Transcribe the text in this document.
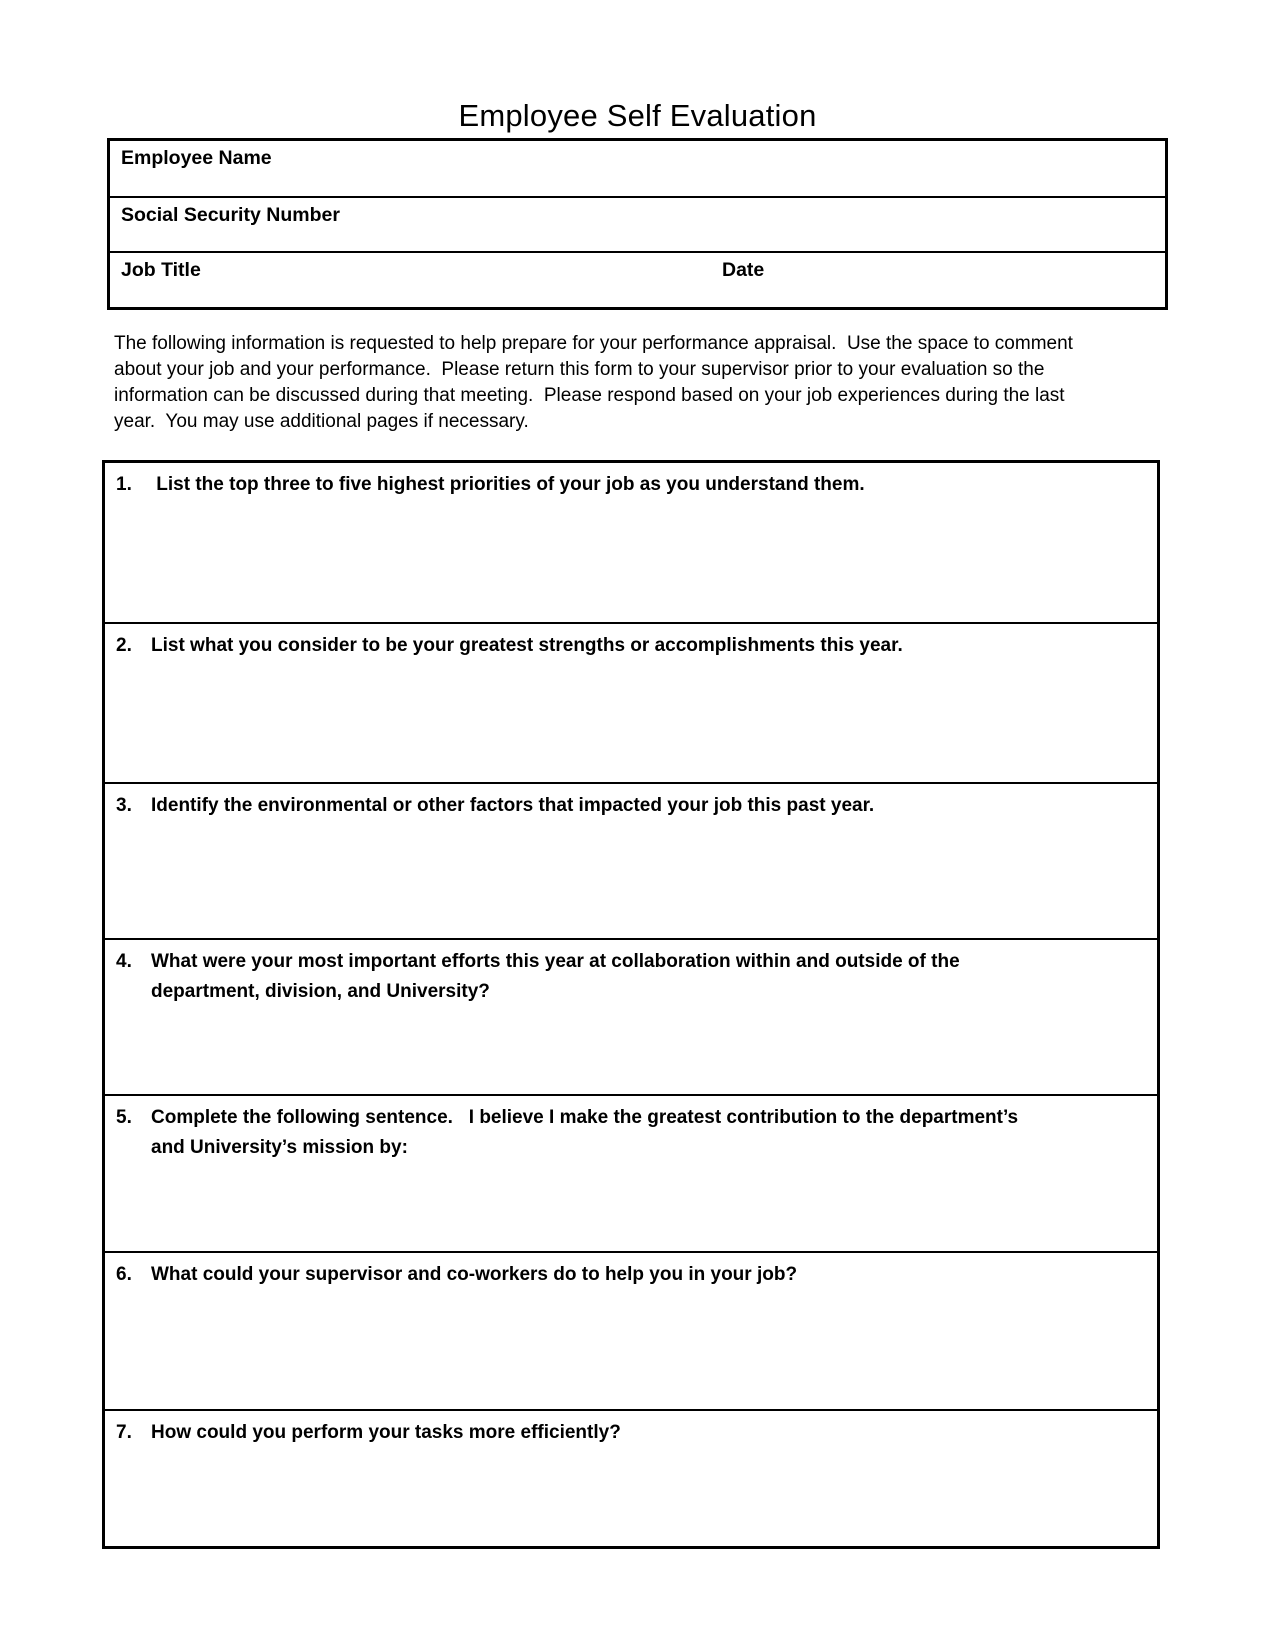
Employee Self Evaluation
Employee Name
Social Security Number
Job Title	Date

The following information is requested to help prepare for your performance appraisal.  Use the space to comment about your job and your performance.  Please return this form to your supervisor prior to your evaluation so the information can be discussed during that meeting.  Please respond based on your job experiences during the last year.  You may use additional pages if necessary.

1.	List the top three to five highest priorities of your job as you understand them.
2.	List what you consider to be your greatest strengths or accomplishments this year.
3.	Identify the environmental or other factors that impacted your job this past year.
4.	What were your most important efforts this year at collaboration within and outside of the department, division, and University?
5.	Complete the following sentence.   I believe I make the greatest contribution to the department’s and University’s mission by:
6.	What could your supervisor and co-workers do to help you in your job?
7.	How could you perform your tasks more efficiently?
